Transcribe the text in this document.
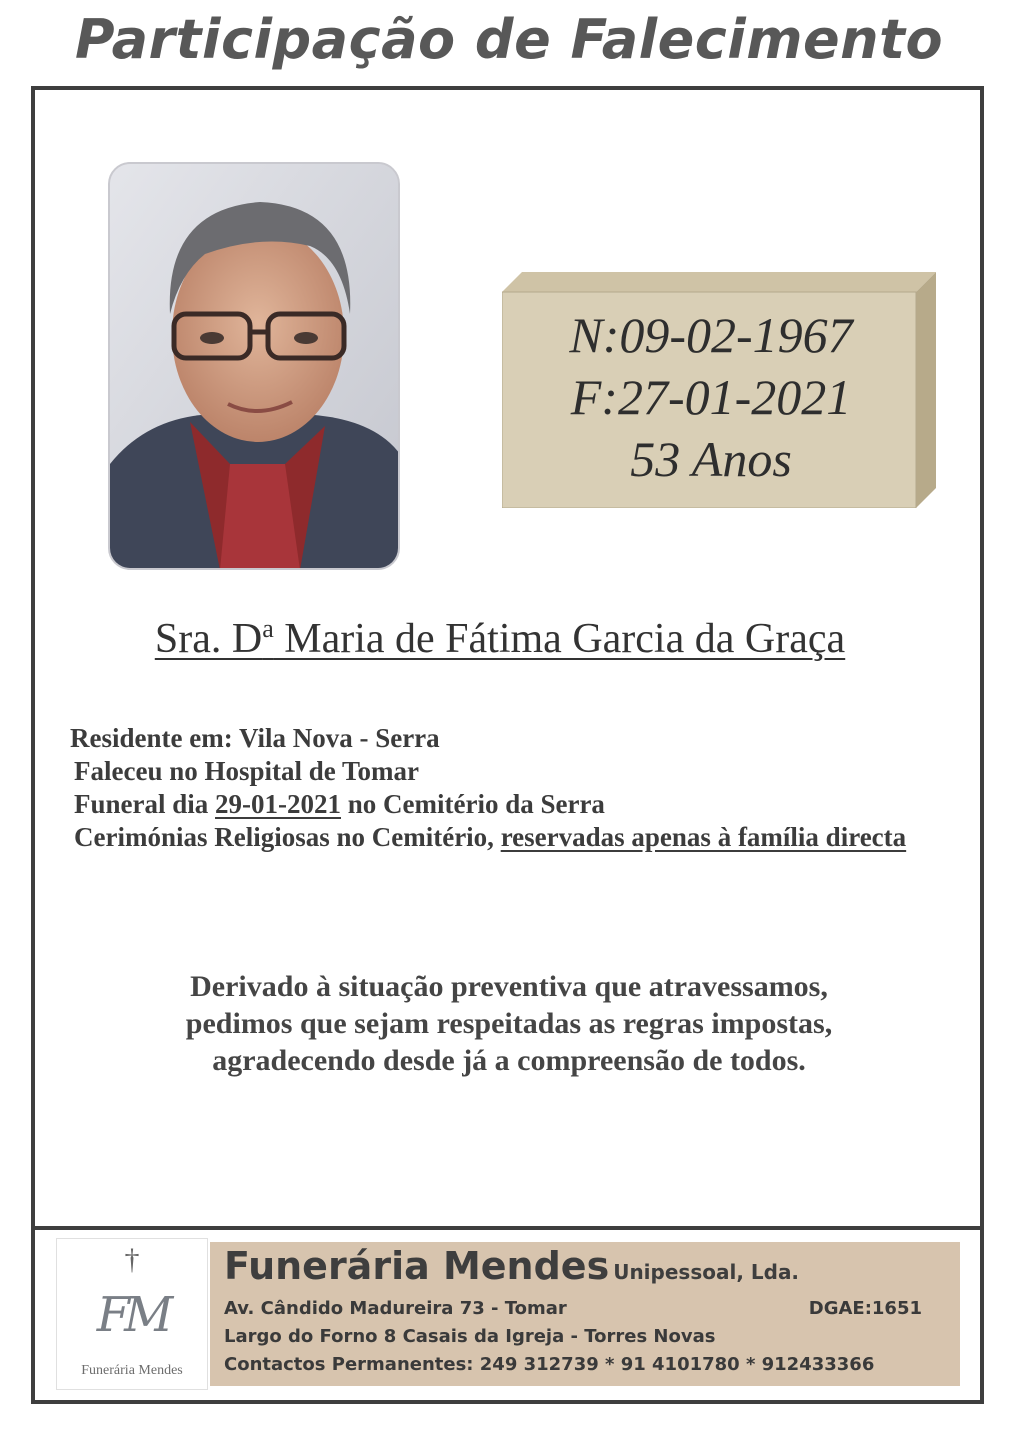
Participação de Falecimento
N:09-02-1967
F:27-01-2021
53 Anos
Sra. $D^a$ Maria de Fátima Garcia da Graça
Residente em: Vila Nova - Serra
Faleceu no Hospital de Tomar
Funeral dia 29-01-2021 no Cemitério da Serra
Cerimónias Religiosas no Cemitério, reservadas apenas à família directa
Derivado à situação preventiva que atravessamos,
pedimos que sejam respeitadas as regras impostas,
agradecendo desde já a compreensão de todos.
†
FM
Funerária Mendes
Funerária Mendes Unipessoal, Lda.
Av. Cândido Madureira 73 - Tomar	DGAE:1651
Largo do Forno 8 Casais da Igreja - Torres Novas
Contactos Permanentes: 249 312739 * 91 4101780 * 912433366
